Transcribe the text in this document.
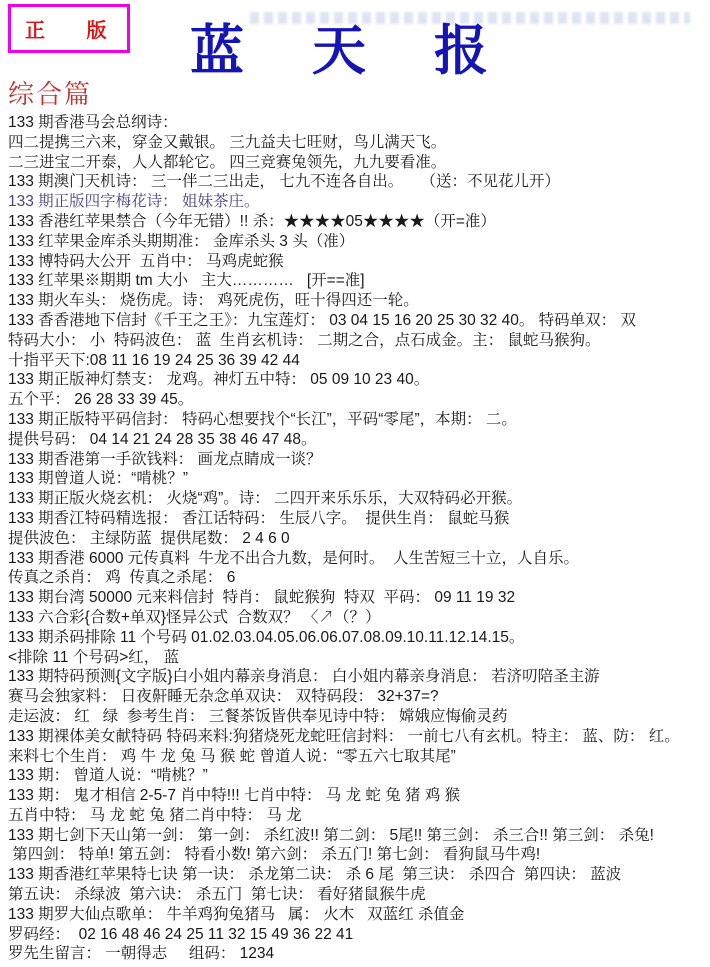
正 版	蓝天报
综合篇
133 期香港马会总纲诗：
四二提携三六来，穿金又戴银。 三九益夫七旺财，鸟儿满天飞。
二三进宝二开泰，人人都轮它。 四三竞赛兔领先，九九要看准。
133 期澳门天机诗： 三一伴二三出走， 七九不连各自出。    （送：不见花儿开）
133 期正版四字梅花诗： 姐妹茶庄。
133 香港红苹果禁合（今年无错）!! 杀：★★★★05★★★★（开=准）
133 红苹果金库杀头期期准： 金库杀头 3 头（准）
133 博特码大公开  五肖中： 马鸡虎蛇猴
133 红苹果※期期 tm 大小   主大…………   [开==准]
133 期火车头： 烧伤虎。诗： 鸡死虎伤，旺十得四还一轮。
133 香香港地下信封《千王之王》：九宝莲灯： 03 04 15 16 20 25 30 32 40。 特码单双： 双
特码大小： 小  特码波色： 蓝  生肖玄机诗： 二期之合，点石成金。主： 鼠蛇马猴狗。
十指平天下:08 11 16 19 24 25 36 39 42 44
133 期正版神灯禁支： 龙鸡。神灯五中特： 05 09 10 23 40。
五个平： 26 28 33 39 45。
133 期正版特平码信封： 特码心想要找个“长江”，平码“零尾”，本期： 二。
提供号码： 04 14 21 24 28 35 38 46 47 48。
133 期香港第一手欲钱料： 画龙点睛成一谈？
133 期曾道人说：“啃桃？”
133 期正版火烧玄机： 火烧“鸡”。诗： 二四开来乐乐乐，大双特码必开猴。
133 期香江特码精选报： 香江话特码： 生辰八字。  提供生肖： 鼠蛇马猴
提供波色： 主绿防蓝  提供尾数： 2 4 6 0
133 期香港 6000 元传真料  牛龙不出合九数，是何时。  人生苦短三十立，人自乐。
传真之杀肖： 鸡  传真之杀尾： 6
133 期台湾 50000 元来料信封  特肖： 鼠蛇猴狗  特双  平码： 09 11 19 32
133 六合彩{合数+单双}怪异公式  合数双？ 〈↗（？）
133 期杀码排除 11 个号码 01.02.03.04.05.06.06.07.08.09.10.11.12.14.15。
<排除 11 个号码>红， 蓝
133 期特码预测{文字版}白小姐内幕亲身消息： 白小姐内幕亲身消息： 若济叨陪圣主游
赛马会独家料： 日夜鼾睡无杂念单双诀： 双特码段： 32+37=?
走运波： 红   绿  参考生肖： 三餐茶饭皆供奉见诗中特： 嫦娥应悔偷灵药
133 期裸体美女献特码 特码来料:狗猪烧死龙蛇旺信封料： 一前七八有玄机。特主： 蓝、防： 红。
来料七个生肖： 鸡 牛 龙 兔 马 猴 蛇 曾道人说：“零五六七取其尾”
133 期： 曾道人说：“啃桃？”
133 期： 鬼才相信 2-5-7 肖中特!!! 七肖中特： 马 龙 蛇 兔 猪 鸡 猴
五肖中特： 马 龙 蛇 兔 猪二肖中特： 马 龙
133 期七剑下天山第一剑： 第一剑： 杀红波!! 第二剑： 5尾!! 第三剑： 杀三合!! 第三剑： 杀兔!
第四剑： 特单! 第五剑： 特看小数! 第六剑： 杀五门! 第七剑： 看狗鼠马牛鸡!
133 期香港红苹果特七诀 第一诀： 杀龙第二诀： 杀 6 尾  第三诀： 杀四合  第四诀： 蓝波
第五诀： 杀绿波  第六诀： 杀五门  第七诀： 看好猪鼠猴牛虎
133 期罗大仙点歌单： 牛羊鸡狗兔猪马   属： 火木   双蓝红 杀值金
罗码经：  02 16 48 46 24 25 11 32 15 49 36 22 41
罗先生留言： 一朝得志     组码： 1234
